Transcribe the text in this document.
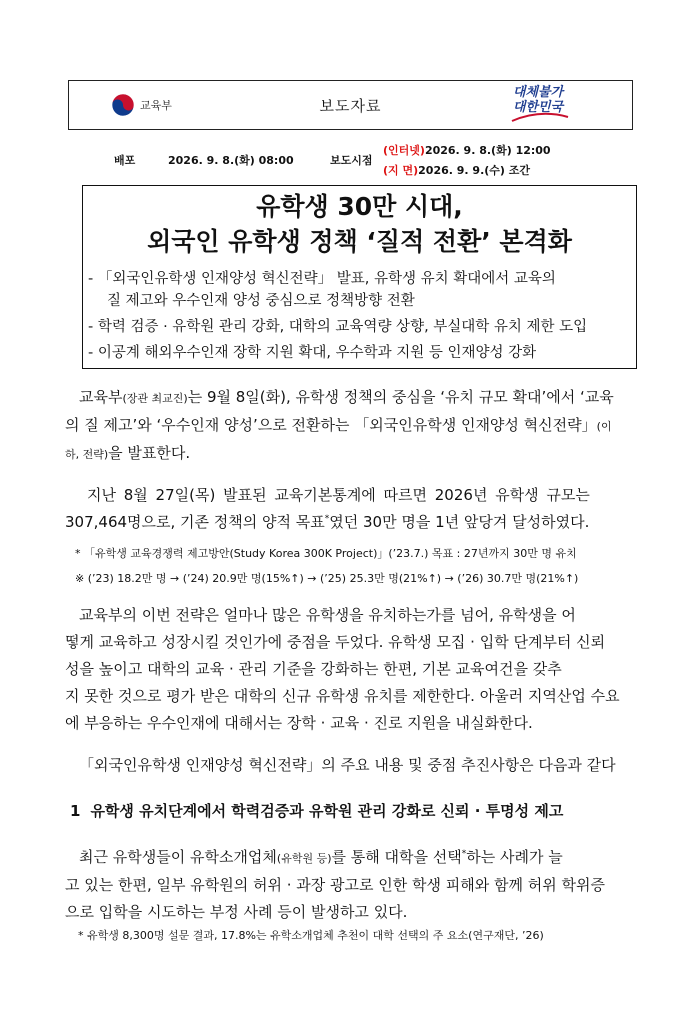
교육부	보도자료
대체불가
대한민국
배포	2026. 9. 8.(화) 08:00	보도시점
(인터넷)2026. 9. 8.(화) 12:00
(지 면)2026. 9. 9.(수) 조간
유학생 30만 시대,
외국인 유학생 정책 ‘질적 전환’ 본격화
- 「외국인유학생 인재양성 혁신전략」 발표, 유학생 유치 확대에서 교육의
질 제고와 우수인재 양성 중심으로 정책방향 전환
- 학력 검증 · 유학원 관리 강화, 대학의 교육역량 상향, 부실대학 유치 제한 도입
- 이공계 해외우수인재 장학 지원 확대, 우수학과 지원 등 인재양성 강화
교육부(장관 최교진)는 9월 8일(화), 유학생 정책의 중심을 ‘유치 규모 확대’에서 ‘교육
의 질 제고’와 ‘우수인재 양성’으로 전환하는 「외국인유학생 인재양성 혁신전략」(이
하, 전략)을 발표한다.
지난 8월 27일(목) 발표된 교육기본통계에 따르면 2026년 유학생 규모는
307,464명으로, 기존 정책의 양적 목표*였던 30만 명을 1년 앞당겨 달성하였다.
* 「유학생 교육경쟁력 제고방안(Study Korea 300K Project)」(’23.7.) 목표 : 27년까지 30만 명 유치
※ (’23) 18.2만 명 → (’24) 20.9만 명(15%↑) → (’25) 25.3만 명(21%↑) → (’26) 30.7만 명(21%↑)
교육부의 이번 전략은 얼마나 많은 유학생을 유치하는가를 넘어, 유학생을 어
떻게 교육하고 성장시킬 것인가에 중점을 두었다. 유학생 모집 · 입학 단계부터 신뢰
성을 높이고 대학의 교육 · 관리 기준을 강화하는 한편, 기본 교육여건을 갖추
지 못한 것으로 평가 받은 대학의 신규 유학생 유치를 제한한다. 아울러 지역산업 수요
에 부응하는 우수인재에 대해서는 장학 · 교육 · 진로 지원을 내실화한다.
「외국인유학생 인재양성 혁신전략」의 주요 내용 및 중점 추진사항은 다음과 같다
1 유학생 유치단계에서 학력검증과 유학원 관리 강화로 신뢰 · 투명성 제고
최근 유학생들이 유학소개업체(유학원 등)를 통해 대학을 선택*하는 사례가 늘
고 있는 한편, 일부 유학원의 허위 · 과장 광고로 인한 학생 피해와 함께 허위 학위증
으로 입학을 시도하는 부정 사례 등이 발생하고 있다.
* 유학생 8,300명 설문 결과, 17.8%는 유학소개업체 추천이 대학 선택의 주 요소(연구재단, ’26)
